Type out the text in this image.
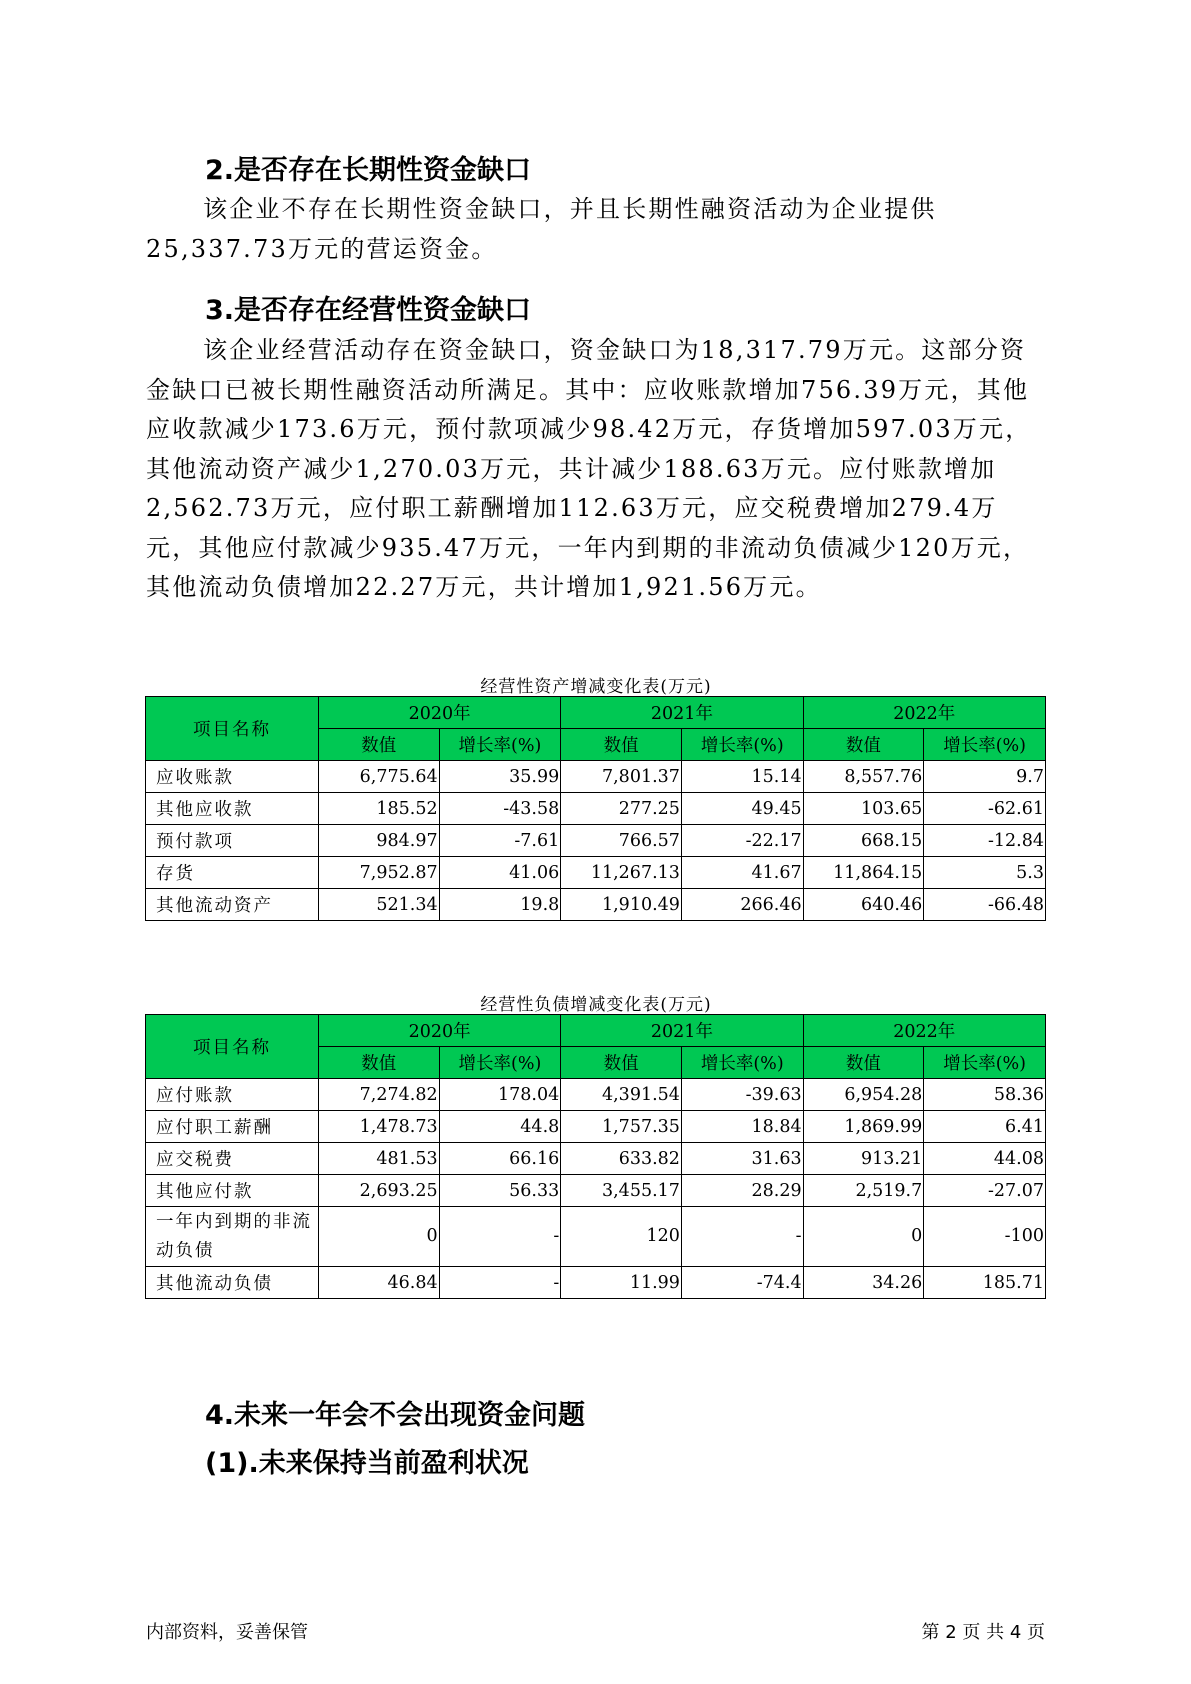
2.是否存在长期性资金缺口

该企业不存在长期性资金缺口，并且长期性融资活动为企业提供25,337.73万元的营运资金。

3.是否存在经营性资金缺口

该企业经营活动存在资金缺口，资金缺口为18,317.79万元。这部分资金缺口已被长期性融资活动所满足。其中：应收账款增加756.39万元，其他应收款减少173.6万元，预付款项减少98.42万元，存货增加597.03万元，其他流动资产减少1,270.03万元，共计减少188.63万元。应付账款增加2,562.73万元，应付职工薪酬增加112.63万元，应交税费增加279.4万元，其他应付款减少935.47万元，一年内到期的非流动负债减少120万元，其他流动负债增加22.27万元，共计增加1,921.56万元。

经营性资产增减变化表(万元)

项目名称	2020年		2021年		2022年	
	数值	增长率(%)	数值	增长率(%)	数值	增长率(%)
应收账款	6,775.64	35.99	7,801.37	15.14	8,557.76	9.7
其他应收款	185.52	-43.58	277.25	49.45	103.65	-62.61
预付款项	984.97	-7.61	766.57	-22.17	668.15	-12.84
存货	7,952.87	41.06	11,267.13	41.67	11,864.15	5.3
其他流动资产	521.34	19.8	1,910.49	266.46	640.46	-66.48

经营性负债增减变化表(万元)

项目名称	2020年		2021年		2022年	
	数值	增长率(%)	数值	增长率(%)	数值	增长率(%)
应付账款	7,274.82	178.04	4,391.54	-39.63	6,954.28	58.36
应付职工薪酬	1,478.73	44.8	1,757.35	18.84	1,869.99	6.41
应交税费	481.53	66.16	633.82	31.63	913.21	44.08
其他应付款	2,693.25	56.33	3,455.17	28.29	2,519.7	-27.07
一年内到期的非流动负债	0	-	120	-	0	-100
其他流动负债	46.84	-	11.99	-74.4	34.26	185.71
4.未来一年会不会出现资金问题
(1).未来保持当前盈利状况
内部资料，妥善保管	第 2 页 共 4 页
